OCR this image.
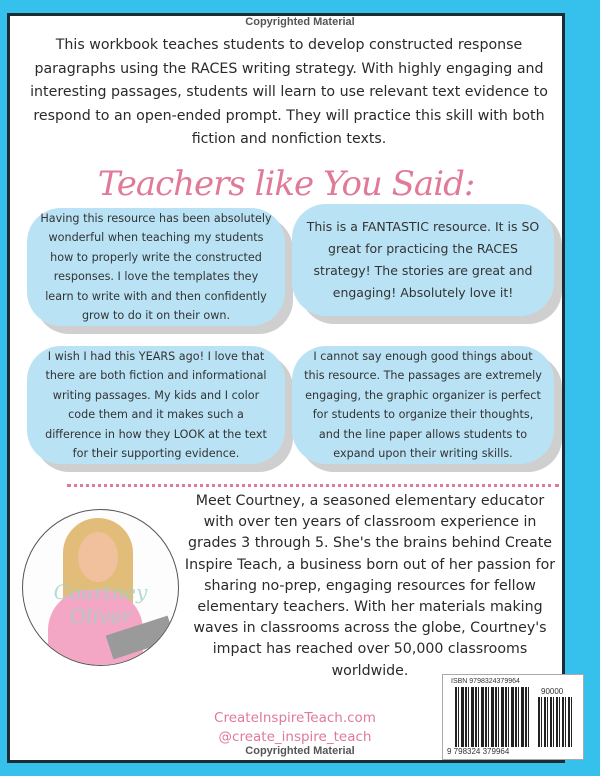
This workbook teaches students to develop constructed response paragraphs using the RACES writing strategy. With highly engaging and interesting passages, students will learn to use relevant text evidence to respond to an open-ended prompt. They will practice this skill with both fiction and nonfiction texts.
Teachers like You Said:
Having this resource has been absolutely wonderful when teaching my students how to properly write the constructed responses. I love the templates they learn to write with and then confidently grow to do it on their own.
This is a FANTASTIC resource. It is SO great for practicing the RACES strategy! The stories are great and engaging! Absolutely love it!
I wish I had this YEARS ago! I love that there are both fiction and informational writing passages. My kids and I color code them and it makes such a difference in how they LOOK at the text for their supporting evidence.
I cannot say enough good things about this resource. The passages are extremely engaging, the graphic organizer is perfect for students to organize their thoughts, and the line paper allows students to expand upon their writing skills.
Courtney Oliver
Meet Courtney, a seasoned elementary educator with over ten years of classroom experience in grades 3 through 5. She's the brains behind Create Inspire Teach, a business born out of her passion for sharing no-prep, engaging resources for fellow elementary teachers. With her materials making waves in classrooms across the globe, Courtney's impact has reached over 50,000 classrooms worldwide.
CreateInspireTeach.com
@create_inspire_teach
Copyrighted Material
Copyrighted Material
ISBN 9798324379964
90000
9 798324 379964
